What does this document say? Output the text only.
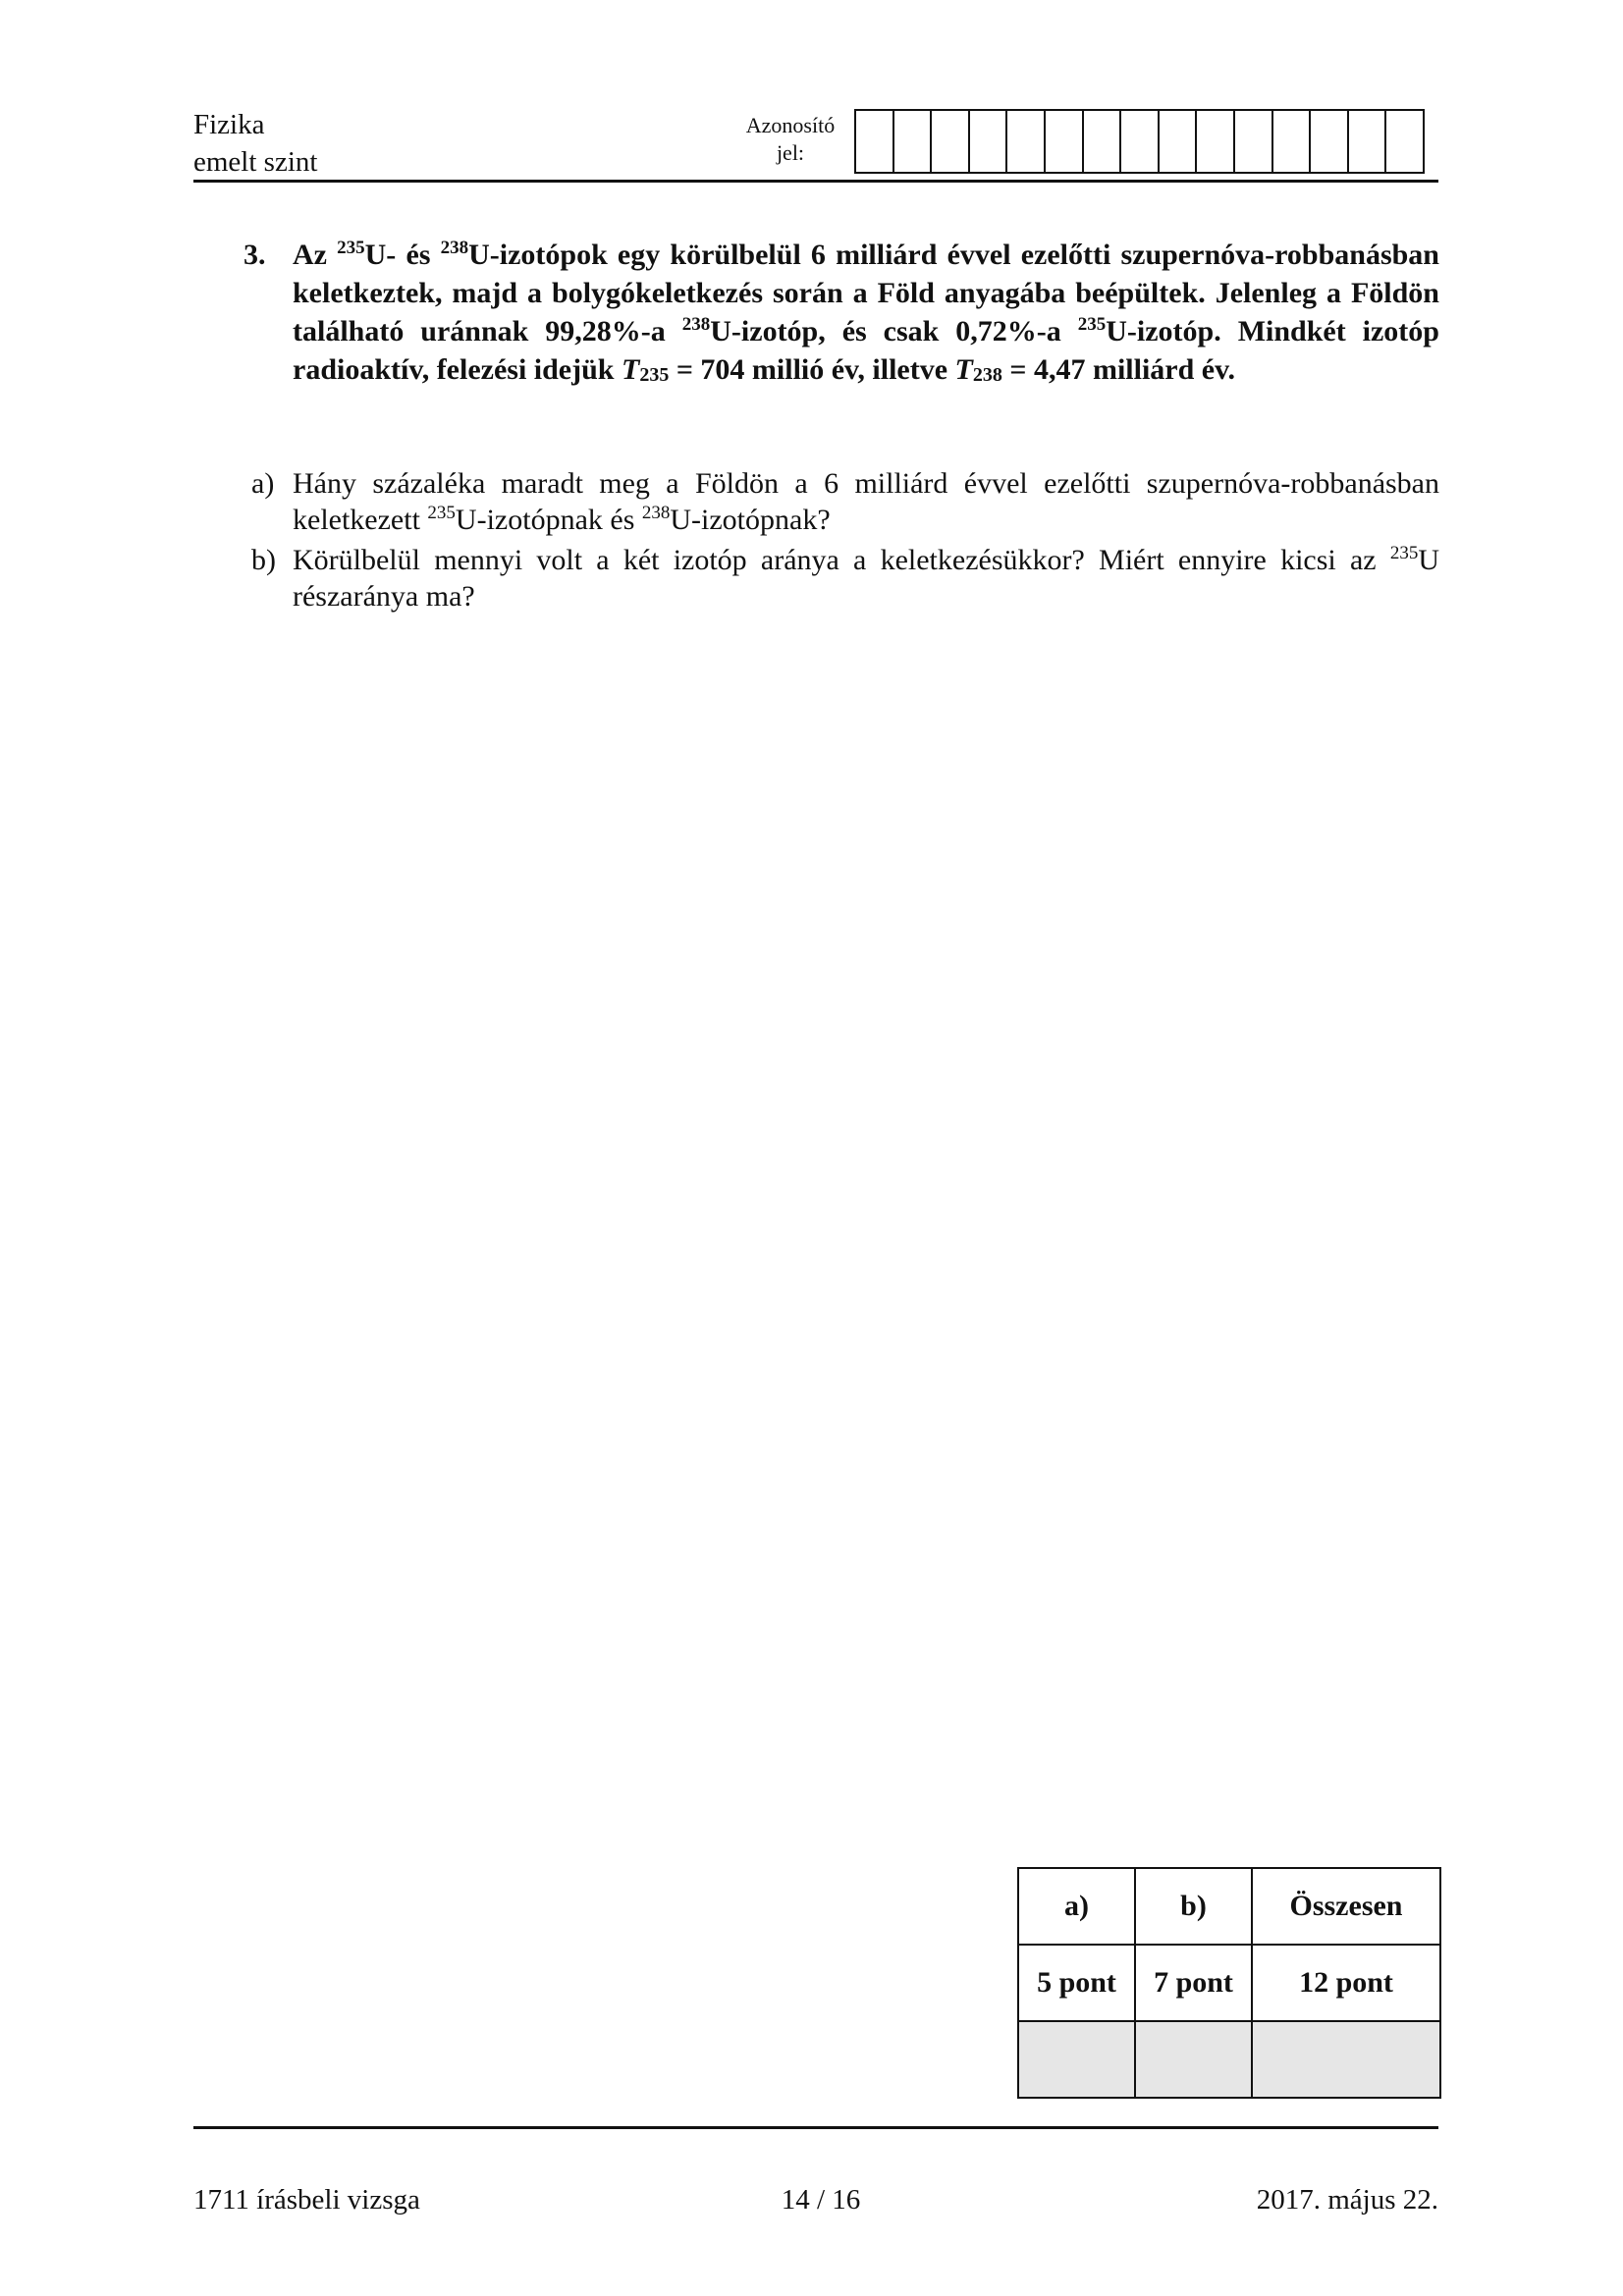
Fizika
emelt szint
Azonosító
jel:
3. Az $^{235}$U- és $^{238}$U-izotópok egy körülbelül 6 milliárd évvel ezelőtti szupernóva-robbanásban keletkeztek, majd a bolygókeletkezés során a Föld anyagába beépültek. Jelenleg a Földön található uránnak 99,28%-a $^{238}$U-izotóp, és csak 0,72%-a $^{235}$U-izotóp. Mindkét izotóp radioaktív, felezési idejük T235 = 704 millió év, illetve T238 = 4,47 milliárd év.
a) Hány százaléka maradt meg a Földön a 6 milliárd évvel ezelőtti szupernóva-robbanásban keletkezett $^{235}$U-izotópnak és $^{238}$U-izotópnak?
b) Körülbelül mennyi volt a két izotóp aránya a keletkezésükkor? Miért ennyire kicsi az $^{235}$U részaránya ma?
a)	b)	Összesen
5 pont	7 pont	12 pont

1711 írásbeli vizsga	14 / 16	2017. május 22.
